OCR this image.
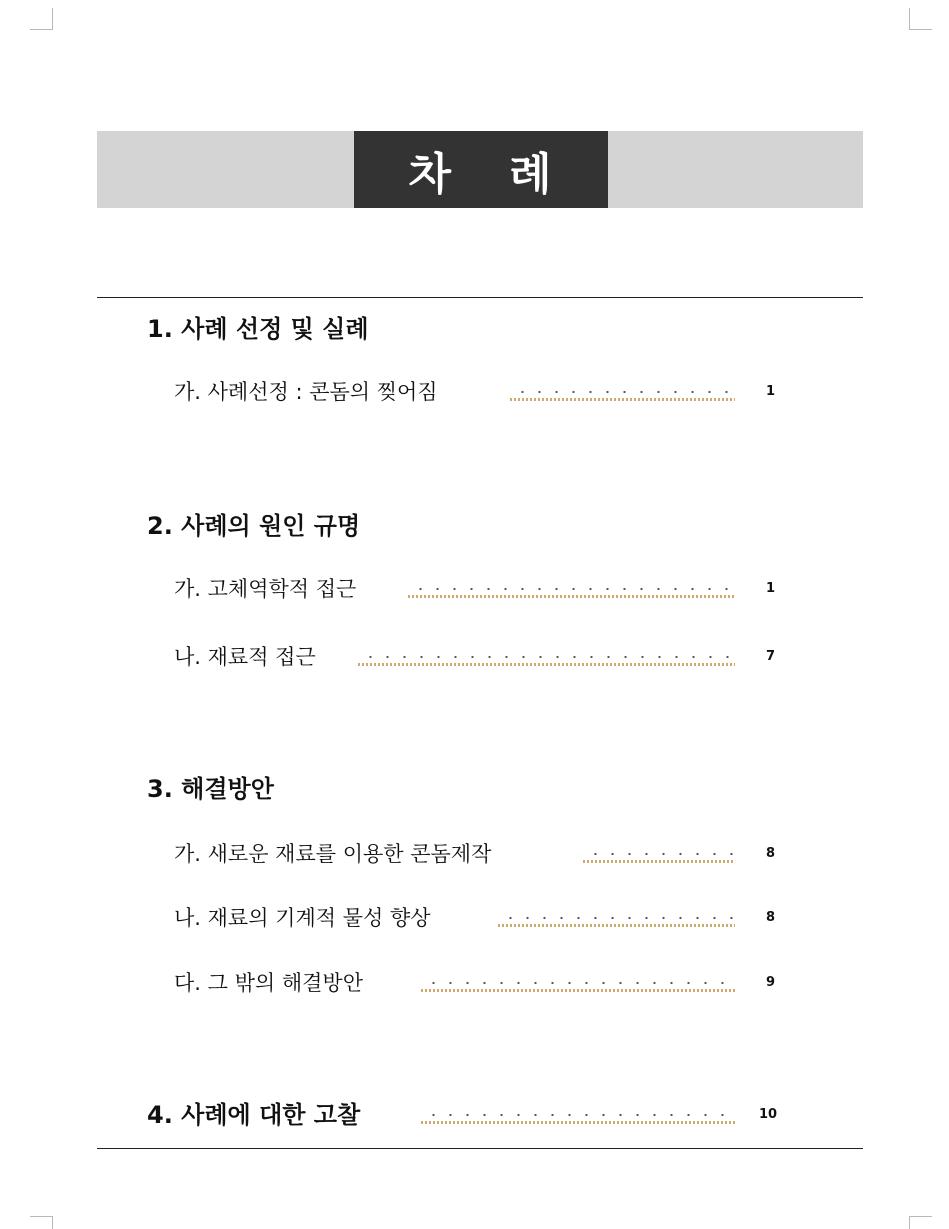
차 례
1. 사례 선정 및 실례
가. 사례선정 : 콘돔의 찢어짐	1
2. 사례의 원인 규명
가. 고체역학적 접근	1
나. 재료적 접근	7
3. 해결방안
가. 새로운 재료를 이용한 콘돔제작	8
나. 재료의 기계적 물성 향상	8
다. 그 밖의 해결방안	9
4. 사례에 대한 고찰	10
